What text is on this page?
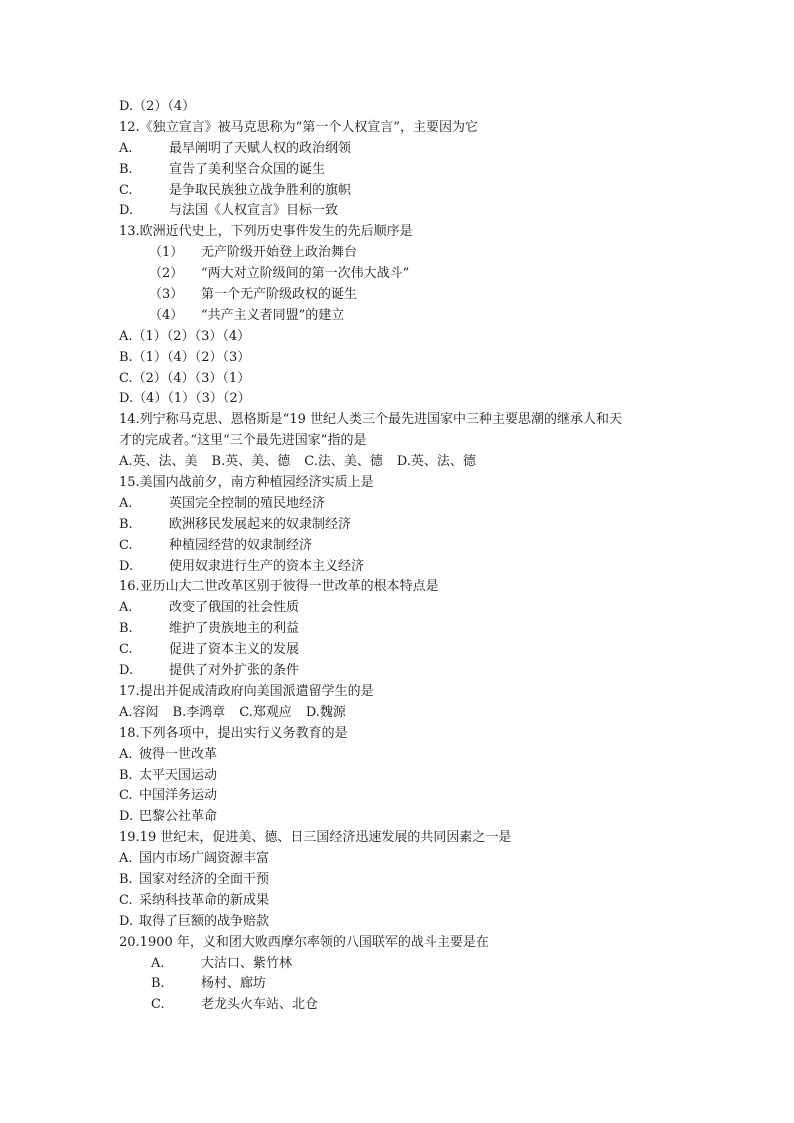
D.（2）（4）
12.《独立宣言》被马克思称为“第一个人权宣言”，主要因为它
A.	最早阐明了天赋人权的政治纲领
B.	宣告了美利坚合众国的诞生
C.	是争取民族独立战争胜利的旗帜
D.	与法国《人权宣言》目标一致
13.欧洲近代史上，下列历史事件发生的先后顺序是
（1）	无产阶级开始登上政治舞台
（2）	“两大对立阶级间的第一次伟大战斗”
（3）	第一个无产阶级政权的诞生
（4）	“共产主义者同盟”的建立
A.（1）（2）（3）（4）
B.（1）（4）（2）（3）
C.（2）（4）（3）（1）
D.（4）（1）（3）（2）
14.列宁称马克思、恩格斯是“19 世纪人类三个最先进国家中三种主要思潮的继承人和天
才的完成者。”这里“三个最先进国家”指的是
A.英、法、美 B.英、美、德 C.法、美、德 D.英、法、德
15.美国内战前夕，南方种植园经济实质上是
A.	英国完全控制的殖民地经济
B.	欧洲移民发展起来的奴隶制经济
C.	种植园经营的奴隶制经济
D.	使用奴隶进行生产的资本主义经济
16.亚历山大二世改革区别于彼得一世改革的根本特点是
A.	改变了俄国的社会性质
B.	维护了贵族地主的利益
C.	促进了资本主义的发展
D.	提供了对外扩张的条件
17.提出并促成清政府向美国派遣留学生的是
A.容闳 B.李鸿章 C.郑观应 D.魏源
18.下列各项中，提出实行义务教育的是
A. 彼得一世改革
B. 太平天国运动
C. 中国洋务运动
D. 巴黎公社革命
19.19 世纪末，促进美、德、日三国经济迅速发展的共同因素之一是
A. 国内市场广阔资源丰富
B. 国家对经济的全面干预
C. 采纳科技革命的新成果
D. 取得了巨额的战争赔款
20.1900 年，义和团大败西摩尔率领的八国联军的战斗主要是在
A.	大沽口、紫竹林
B.	杨村、廊坊
C.	老龙头火车站、北仓
